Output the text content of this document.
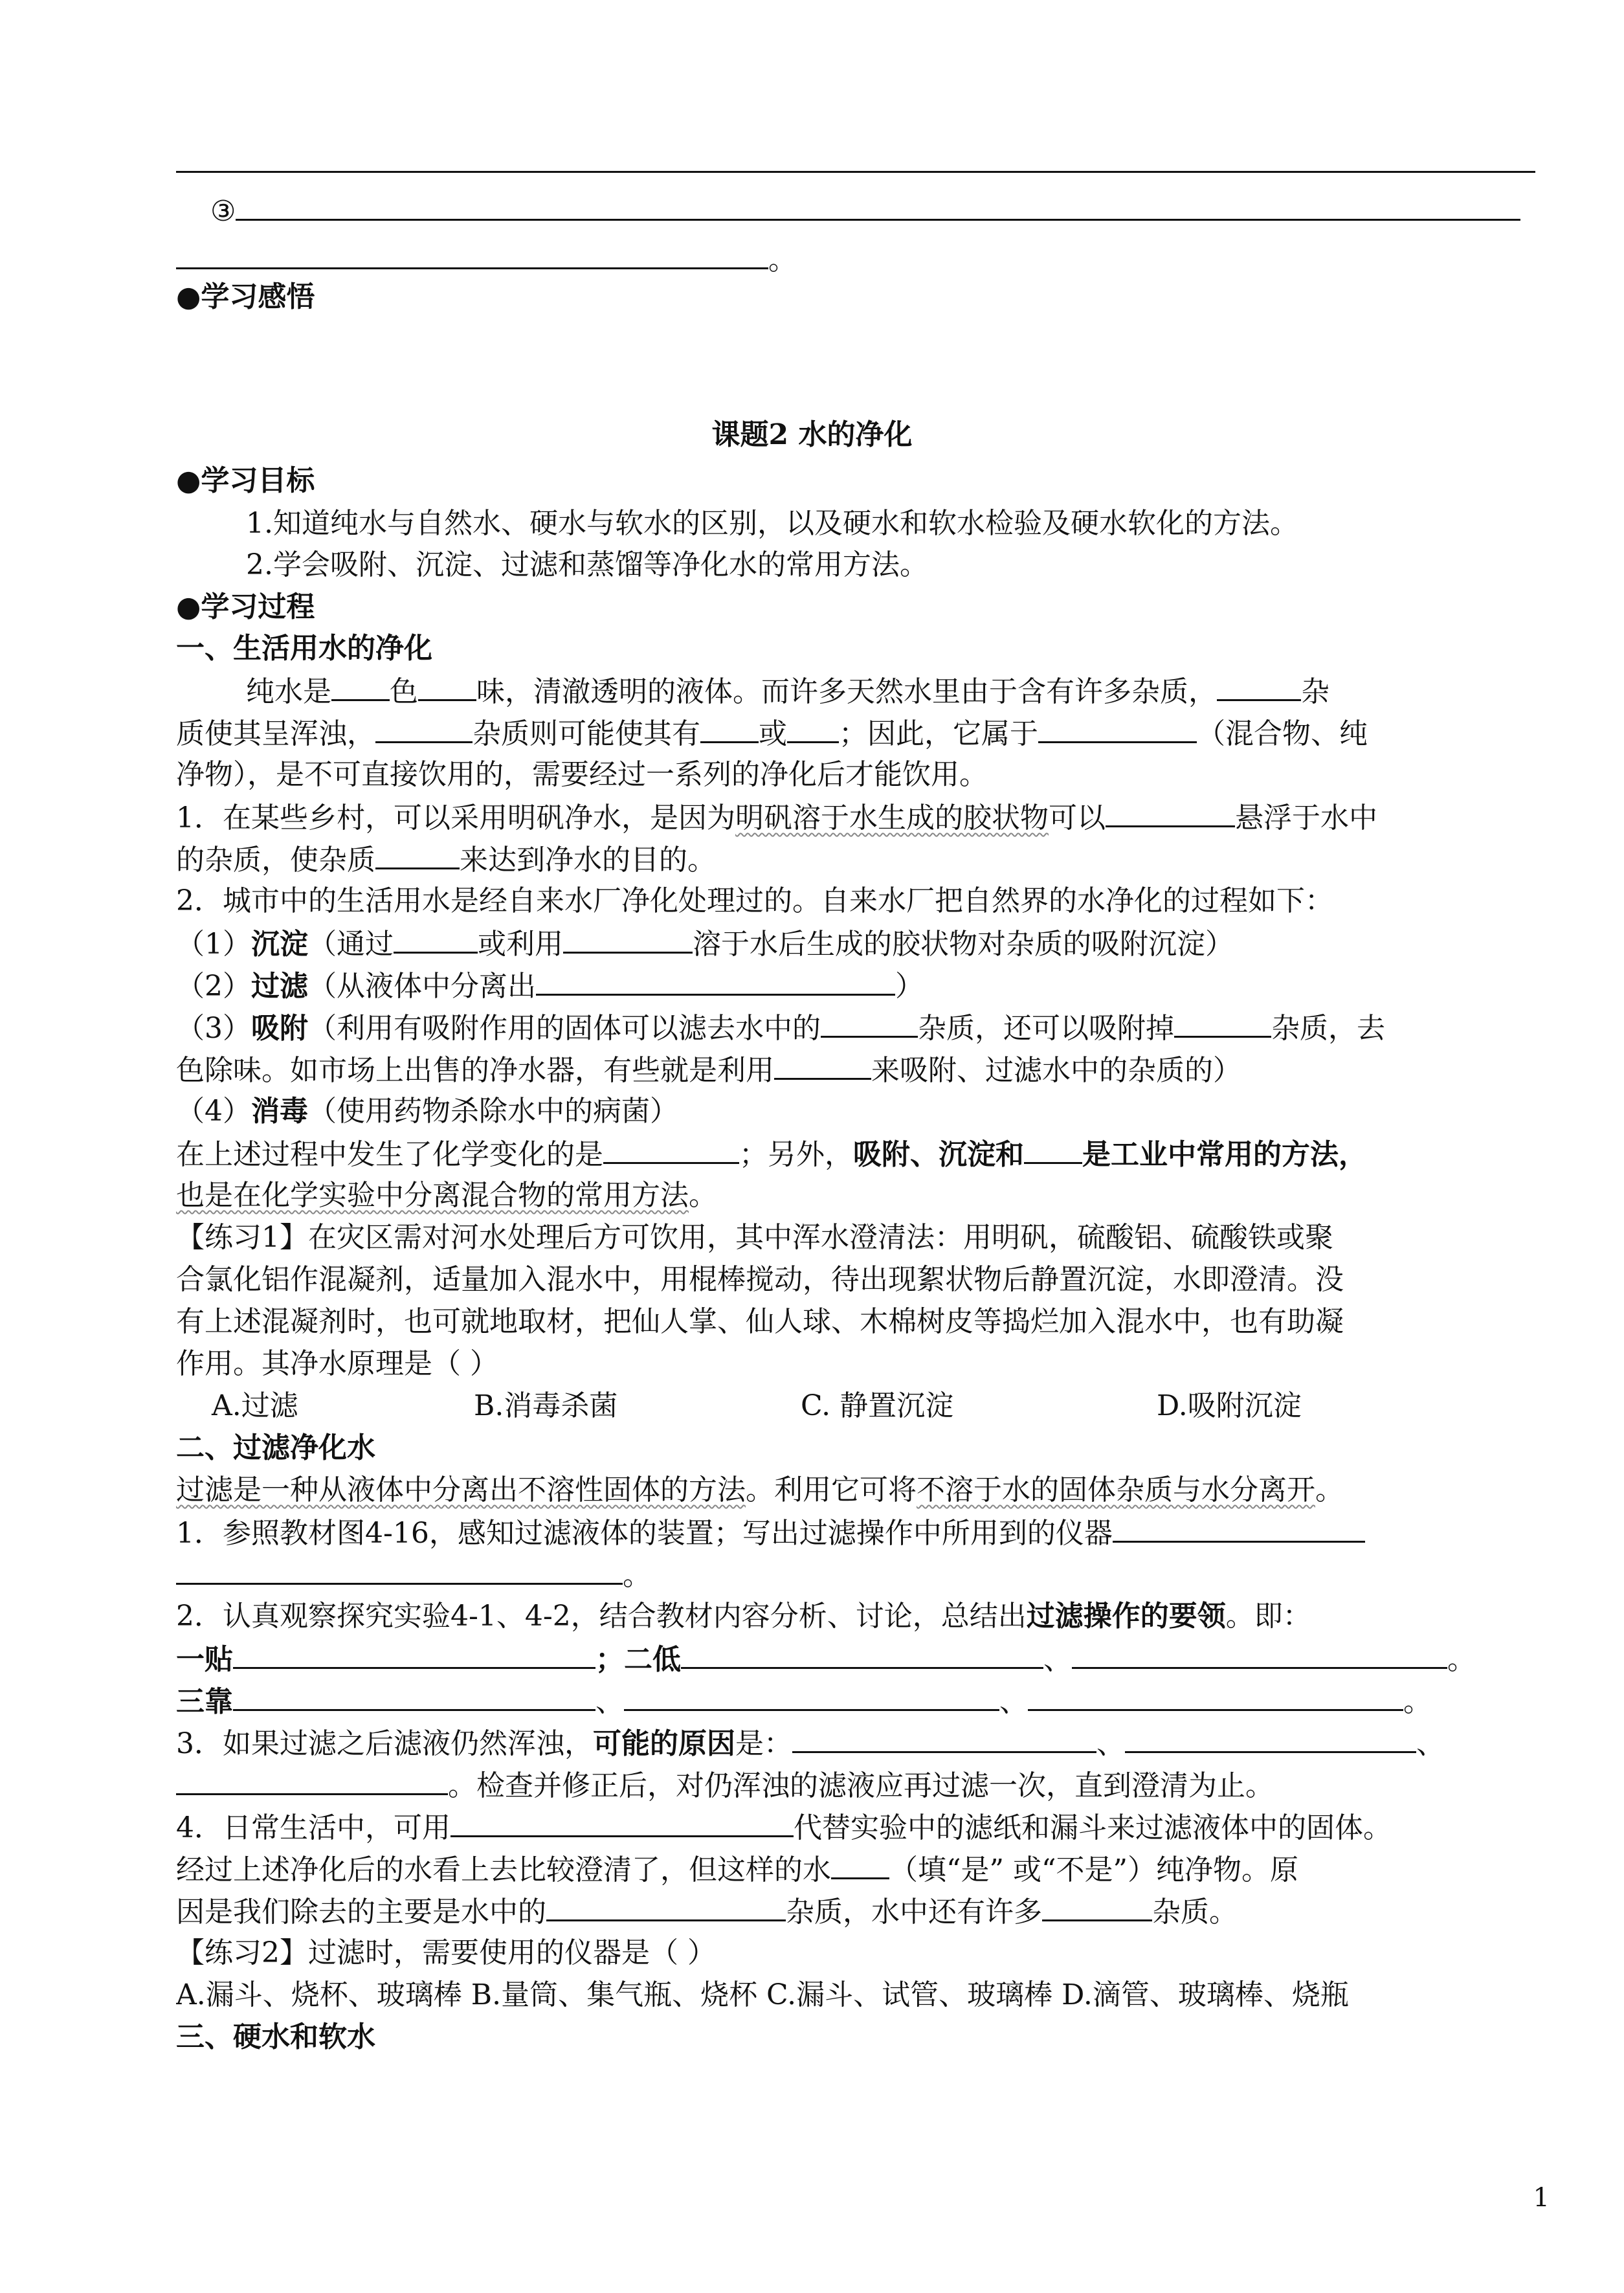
③
。
●学习感悟
课题2 水的净化
●学习目标
1.知道纯水与自然水、硬水与软水的区别，以及硬水和软水检验及硬水软化的方法。
2.学会吸附、沉淀、过滤和蒸馏等净化水的常用方法。
●学习过程
一、生活用水的净化
纯水是 色 味，清澈透明的液体。而许多天然水里由于含有许多杂质，	杂
质使其呈浑浊，	杂质则可能使其有 或 ；因此，它属于	（混合物、纯
净物），是不可直接饮用的，需要经过一系列的净化后才能饮用。
1．在某些乡村，可以采用明矾净水，是因为明矾溶于水生成的胶状物可以	悬浮于水中
的杂质，使杂质	来达到净水的目的。
2．城市中的生活用水是经自来水厂净化处理过的。自来水厂把自然界的水净化的过程如下：
（1）沉淀（通过	或利用	溶于水后生成的胶状物对杂质的吸附沉淀）
（2）过滤（从液体中分离出	）
（3）吸附（利用有吸附作用的固体可以滤去水中的	杂质，还可以吸附掉	杂质，去
色除味。如市场上出售的净水器，有些就是利用	来吸附、过滤水中的杂质的）
（4）消毒（使用药物杀除水中的病菌）
在上述过程中发生了化学变化的是	；另外，吸附、沉淀和 是工业中常用的方法，
也是在化学实验中分离混合物的常用方法。
【练习1】在灾区需对河水处理后方可饮用，其中浑水澄清法：用明矾，硫酸铝、硫酸铁或聚
合氯化铝作混凝剂，适量加入混水中，用棍棒搅动，待出现絮状物后静置沉淀，水即澄清。没
有上述混凝剂时，也可就地取材，把仙人掌、仙人球、木棉树皮等捣烂加入混水中，也有助凝
作用。其净水原理是（ ）
A.过滤	B.消毒杀菌	C. 静置沉淀	D.吸附沉淀
二、过滤净化水
过滤是一种从液体中分离出不溶性固体的方法。利用它可将不溶于水的固体杂质与水分离开。
1．参照教材图4-16，感知过滤液体的装置；写出过滤操作中所用到的仪器
。
2．认真观察探究实验4-1、4-2，结合教材内容分析、讨论，总结出过滤操作的要领。即：
一贴	；二低	、	。
三靠	、	、	。
3．如果过滤之后滤液仍然浑浊，可能的原因是：	、	、
。检查并修正后，对仍浑浊的滤液应再过滤一次，直到澄清为止。
4．日常生活中，可用	代替实验中的滤纸和漏斗来过滤液体中的固体。
经过上述净化后的水看上去比较澄清了，但这样的水 （填“是” 或“不是”）纯净物。原
因是我们除去的主要是水中的	杂质，水中还有许多	杂质。
【练习2】过滤时，需要使用的仪器是（ ）
A.漏斗、烧杯、玻璃棒 B.量筒、集气瓶、烧杯 C.漏斗、试管、玻璃棒 D.滴管、玻璃棒、烧瓶
三、硬水和软水
1
